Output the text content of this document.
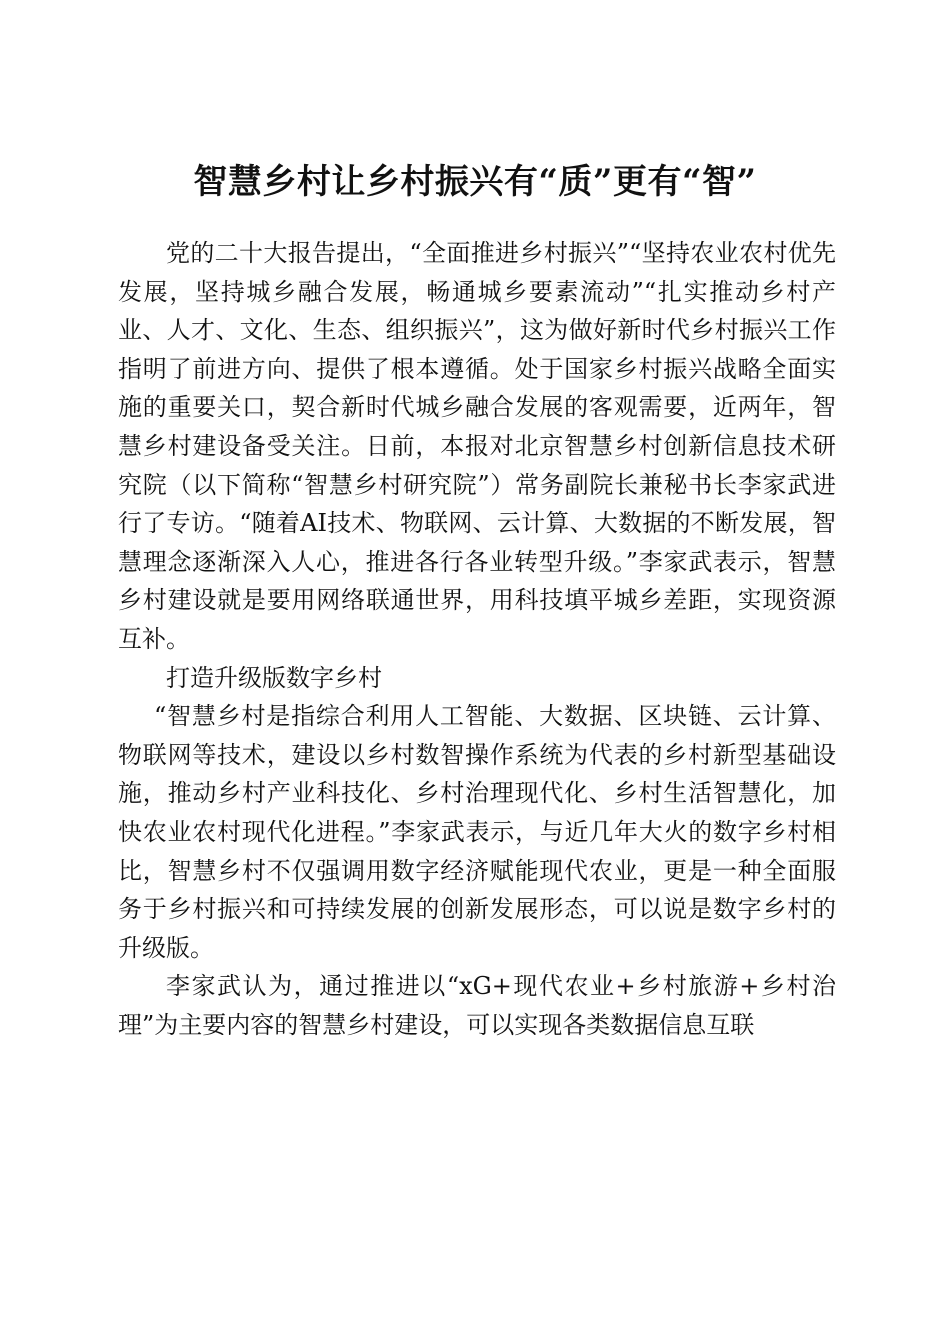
智慧乡村让乡村振兴有“质”更有“智”

党的二十大报告提出，“全面推进乡村振兴”“坚持农业农村优先发展，坚持城乡融合发展，畅通城乡要素流动”“扎实推动乡村产业、人才、文化、生态、组织振兴”，这为做好新时代乡村振兴工作指明了前进方向、提供了根本遵循。处于国家乡村振兴战略全面实施的重要关口，契合新时代城乡融合发展的客观需要，近两年，智慧乡村建设备受关注。日前，本报对北京智慧乡村创新信息技术研究院（以下简称“智慧乡村研究院”）常务副院长兼秘书长李家武进行了专访。“随着AI技术、物联网、云计算、大数据的不断发展，智慧理念逐渐深入人心，推进各行各业转型升级。”李家武表示，智慧乡村建设就是要用网络联通世界，用科技填平城乡差距，实现资源互补。

打造升级版数字乡村

“智慧乡村是指综合利用人工智能、大数据、区块链、云计算、物联网等技术，建设以乡村数智操作系统为代表的乡村新型基础设施，推动乡村产业科技化、乡村治理现代化、乡村生活智慧化，加快农业农村现代化进程。”李家武表示，与近几年大火的数字乡村相比，智慧乡村不仅强调用数字经济赋能现代农业，更是一种全面服务于乡村振兴和可持续发展的创新发展形态，可以说是数字乡村的升级版。

李家武认为，通过推进以“xG+现代农业+乡村旅游+乡村治理”为主要内容的智慧乡村建设，可以实现各类数据信息互联
